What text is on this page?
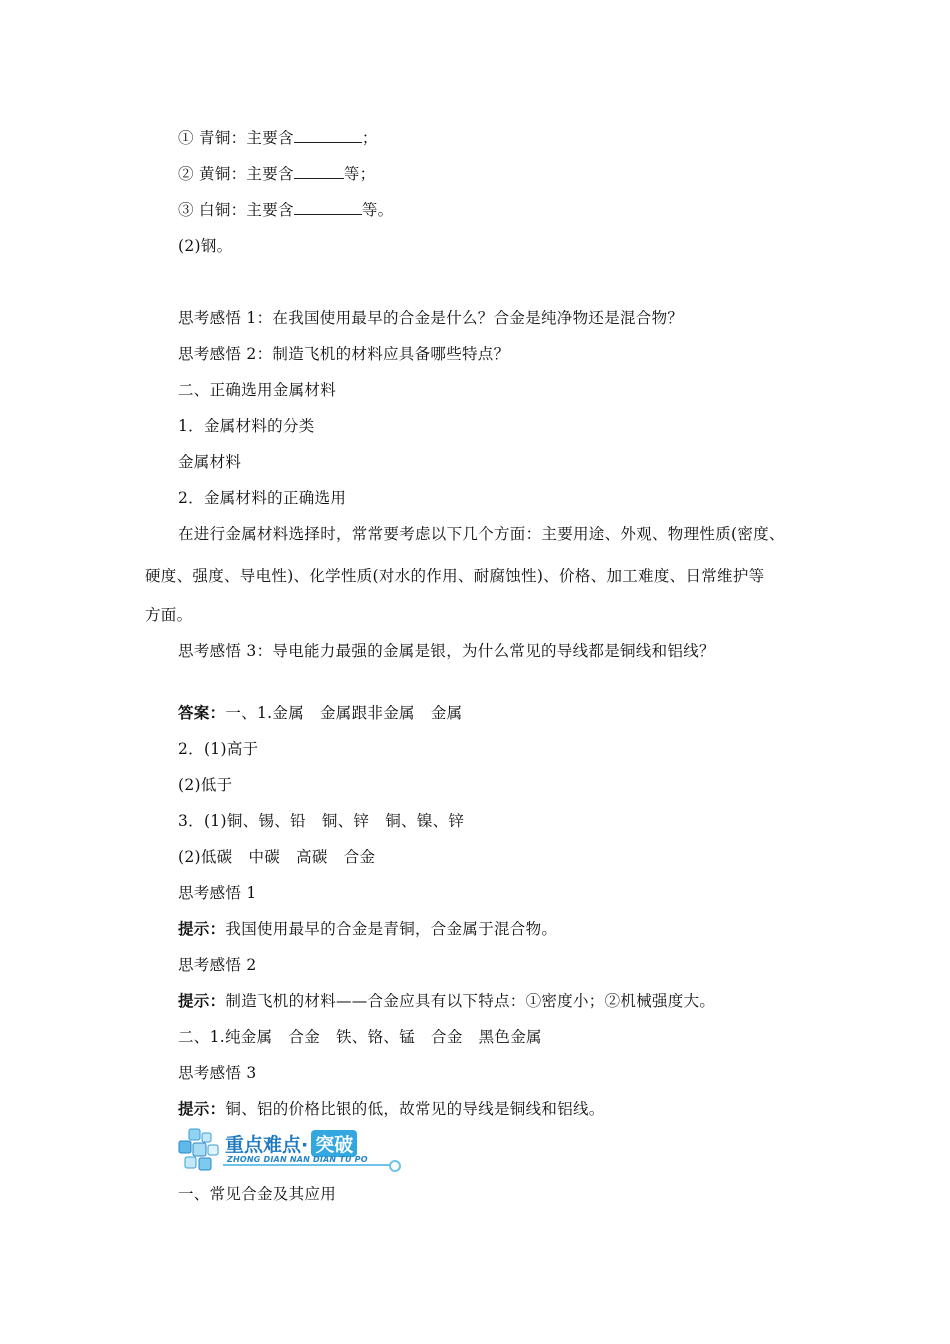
① 青铜：主要含	；
② 黄铜：主要含	等；
③ 白铜：主要含	等。
(2)钢。
思考感悟 1：在我国使用最早的合金是什么？合金是纯净物还是混合物？
思考感悟 2：制造飞机的材料应具备哪些特点？
二、正确选用金属材料
1．金属材料的分类
金属材料
2．金属材料的正确选用
在进行金属材料选择时，常常要考虑以下几个方面：主要用途、外观、物理性质(密度、
硬度、强度、导电性)、化学性质(对水的作用、耐腐蚀性)、价格、加工难度、日常维护等
方面。
思考感悟 3：导电能力最强的金属是银，为什么常见的导线都是铜线和铝线？
答案：一、1.金属 金属跟非金属 金属
2．(1)高于
(2)低于
3．(1)铜、锡、铅 铜、锌 铜、镍、锌
(2)低碳 中碳 高碳 合金
思考感悟 1
提示：我国使用最早的合金是青铜，合金属于混合物。
思考感悟 2
提示：制造飞机的材料——合金应具有以下特点：①密度小；②机械强度大。
二、1.纯金属 合金 铁、铬、锰 合金 黑色金属
思考感悟 3
提示：铜、铝的价格比银的低，故常见的导线是铜线和铝线。
重点难点· 突破
ZHONG DIAN NAN DIAN TU PO
一、常见合金及其应用
